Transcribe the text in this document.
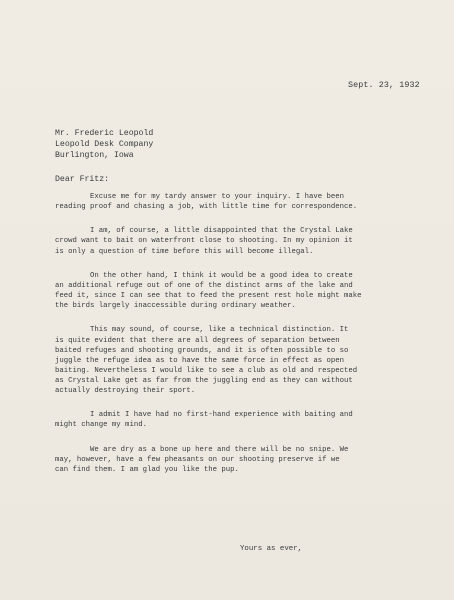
Sept. 23, 1932
Mr. Frederic Leopold
Leopold Desk Company
Burlington, Iowa
Dear Fritz:
Excuse me for my tardy answer to your inquiry. I have been
reading proof and chasing a job, with little time for correspondence.
I am, of course, a little disappointed that the Crystal Lake
crowd want to bait on waterfront close to shooting. In my opinion it
is only a question of time before this will become illegal.
On the other hand, I think it would be a good idea to create
an additional refuge out of one of the distinct arms of the lake and
feed it, since I can see that to feed the present rest hole might make
the birds largely inaccessible during ordinary weather.
This may sound, of course, like a technical distinction. It
is quite evident that there are all degrees of separation between
baited refuges and shooting grounds, and it is often possible to so
juggle the refuge idea as to have the same force in effect as open
baiting. Nevertheless I would like to see a club as old and respected
as Crystal Lake get as far from the juggling end as they can without
actually destroying their sport.
I admit I have had no first-hand experience with baiting and
might change my mind.
We are dry as a bone up here and there will be no snipe. We
may, however, have a few pheasants on our shooting preserve if we
can find them. I am glad you like the pup.
Yours as ever,
